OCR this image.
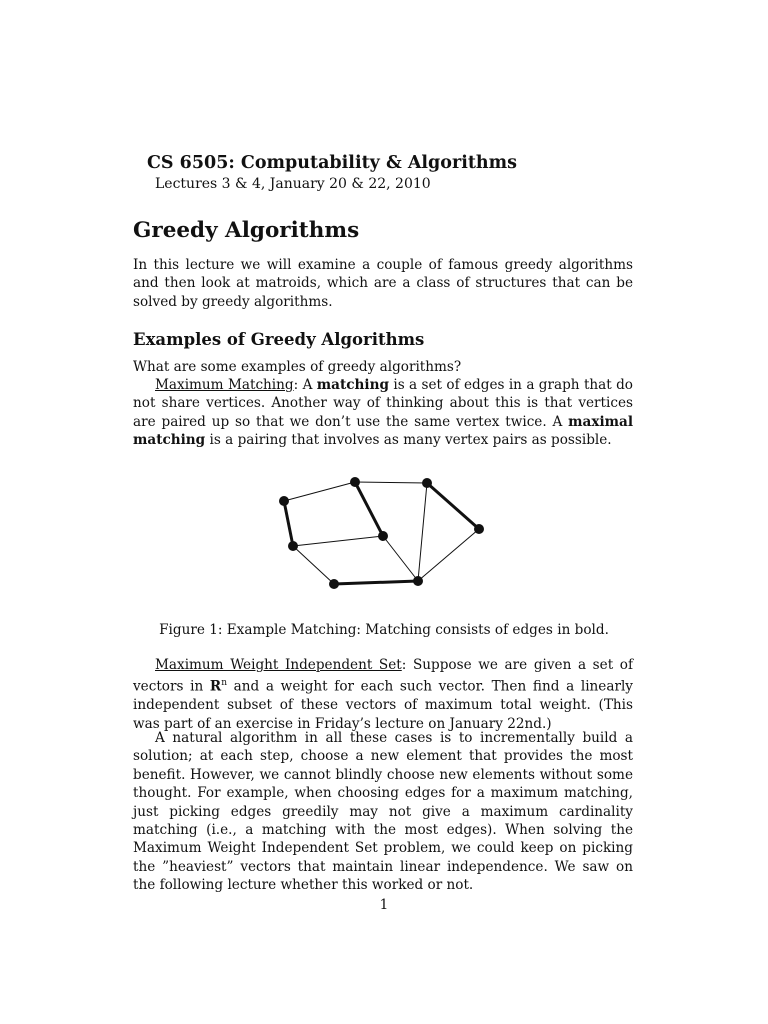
CS 6505: Computability & Algorithms
Lectures 3 & 4, January 20 & 22, 2010
Greedy Algorithms
In this lecture we will examine a couple of famous greedy algorithms and then look at matroids, which are a class of structures that can be solved by greedy algorithms.
Examples of Greedy Algorithms
What are some examples of greedy algorithms?
Maximum Matching: A matching is a set of edges in a graph that do not share vertices. Another way of thinking about this is that vertices are paired up so that we don’t use the same vertex twice. A maximal matching is a pairing that involves as many vertex pairs as possible.
Figure 1: Example Matching: Matching consists of edges in bold.
Maximum Weight Independent Set: Suppose we are given a set of vectors in $R^n$ and a weight for each such vector. Then find a linearly independent subset of these vectors of maximum total weight. (This was part of an exercise in Friday’s lecture on January 22nd.)
A natural algorithm in all these cases is to incrementally build a solution; at each step, choose a new element that provides the most benefit. However, we cannot blindly choose new elements without some thought. For example, when choosing edges for a maximum matching, just picking edges greedily may not give a maximum cardinality matching (i.e., a matching with the most edges). When solving the Maximum Weight Independent Set problem, we could keep on picking the ”heaviest” vectors that maintain linear independence. We saw on the following lecture whether this worked or not.
1
